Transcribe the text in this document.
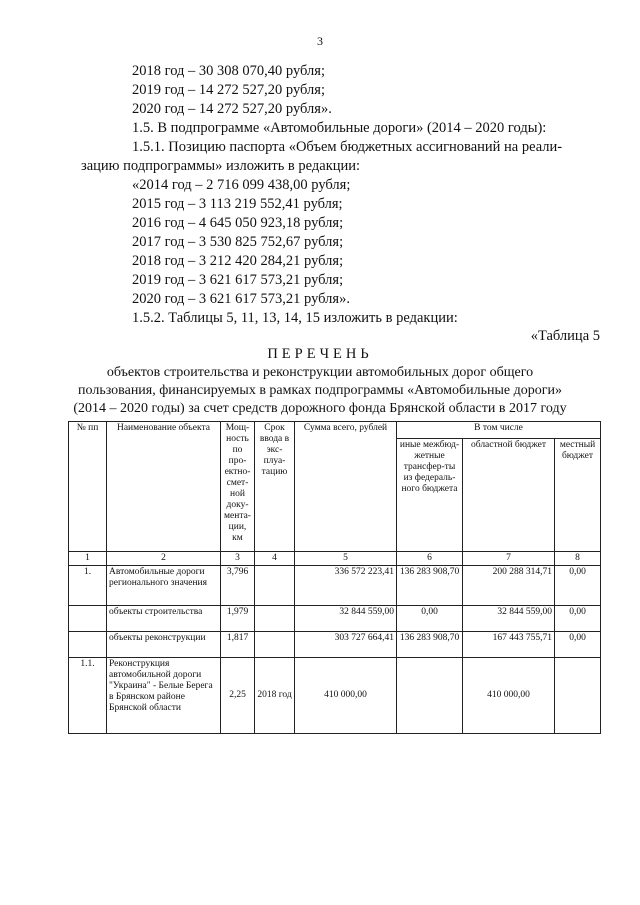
3
2018 год – 30 308 070,40 рубля;
2019 год – 14 272 527,20 рубля;
2020 год – 14 272 527,20 рубля».
1.5. В подпрограмме «Автомобильные дороги» (2014 – 2020 годы):
1.5.1. Позицию паспорта «Объем бюджетных ассигнований на реали-
зацию подпрограммы» изложить в редакции:
«2014 год – 2 716 099 438,00 рубля;
2015 год – 3 113 219 552,41 рубля;
2016 год – 4 645 050 923,18 рубля;
2017 год – 3 530 825 752,67 рубля;
2018 год – 3 212 420 284,21 рубля;
2019 год – 3 621 617 573,21 рубля;
2020 год – 3 621 617 573,21 рубля».
1.5.2. Таблицы 5, 11, 13, 14, 15 изложить в редакции:
«Таблица 5
ПЕРЕЧЕНЬ
объектов строительства и реконструкции автомобильных дорог общего
пользования, финансируемых в рамках подпрограммы «Автомобильные дороги»
(2014 – 2020 годы) за счет средств дорожного фонда Брянской области в 2017 году
№ пп	Наименование объекта	Мощ-ность по про-ектно-смет-ной доку-мента-ции, км	Срок ввода в экс-плуа-тацию	Сумма всего, рублей	В том числе		
					иные межбюд-жетные трансфер-ты из федераль-ного бюджета	областной бюджет	местный бюджет
1	2	3	4	5	6	7	8
1.	Автомобильные дороги регионального значения	3,796		336 572 223,41	136 283 908,70	200 288 314,71	0,00
	объекты строительства	1,979		32 844 559,00	0,00	32 844 559,00	0,00
	объекты реконструкции	1,817		303 727 664,41	136 283 908,70	167 443 755,71	0,00
1.1.	Реконструкция автомобильной дороги "Украина" - Белые Берега в Брянском районе Брянской области	2,25	2018 год	410 000,00		410 000,00	
